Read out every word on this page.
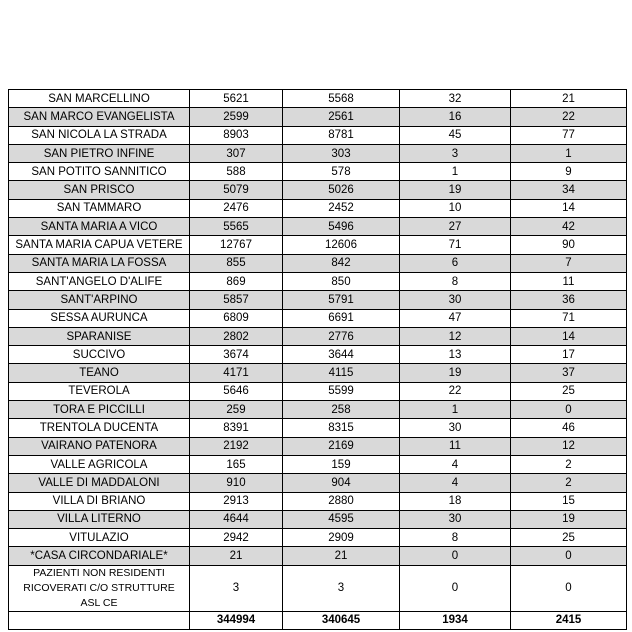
SAN MARCELLINO	5621	5568	32	21
SAN MARCO EVANGELISTA	2599	2561	16	22
SAN NICOLA LA STRADA	8903	8781	45	77
SAN PIETRO INFINE	307	303	3	1
SAN POTITO SANNITICO	588	578	1	9
SAN PRISCO	5079	5026	19	34
SAN TAMMARO	2476	2452	10	14
SANTA MARIA A VICO	5565	5496	27	42
SANTA MARIA CAPUA VETERE	12767	12606	71	90
SANTA MARIA LA FOSSA	855	842	6	7
SANT'ANGELO D'ALIFE	869	850	8	11
SANT'ARPINO	5857	5791	30	36
SESSA AURUNCA	6809	6691	47	71
SPARANISE	2802	2776	12	14
SUCCIVO	3674	3644	13	17
TEANO	4171	4115	19	37
TEVEROLA	5646	5599	22	25
TORA E PICCILLI	259	258	1	0
TRENTOLA DUCENTA	8391	8315	30	46
VAIRANO PATENORA	2192	2169	11	12
VALLE AGRICOLA	165	159	4	2
VALLE DI MADDALONI	910	904	4	2
VILLA DI BRIANO	2913	2880	18	15
VILLA LITERNO	4644	4595	30	19
VITULAZIO	2942	2909	8	25
*CASA CIRCONDARIALE*	21	21	0	0
PAZIENTI NON RESIDENTI RICOVERATI C/O STRUTTURE ASL CE	3	3	0	0
	344994	340645	1934	2415
